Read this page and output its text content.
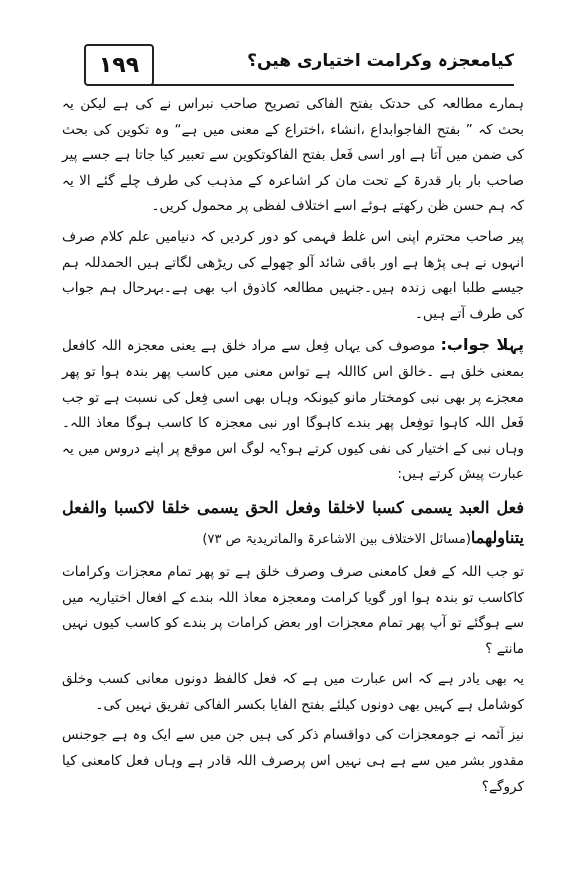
۱۹۹	کیامعجزہ وکرامت اختیاری ھیں؟

ہمارے مطالعہ کی حدتک بفتح الفاکی تصریح صاحب نبراس نے کی ہے لیکن یہ بحث کہ ” بفتح الفاجوابداع ،انشاء ،اختراع کے معنی میں ہے“ وہ تکوین کی بحث کی ضمن میں آتا ہے اور اسی فَعل بفتح الفاکوتکوین سے تعبیر کیا جاتا ہے جسے پیر صاحب بار بار قدرۃ کے تحت مان کر اشاعرہ کے مذہب کی طرف چلے گئے الا یہ کہ ہم حسن ظن رکھتے ہوئے اسے اختلاف لفظی پر محمول کریں۔

پیر صاحب محترم اپنی اس غلط فہمی کو دور کردیں کہ دنیامیں علم کلام صرف انہوں نے ہی پڑھا ہے اور باقی شائد آلو چھولے کی ریڑھی لگاتے ہیں الحمدللہ ہم جیسے طلبا ابھی زندہ ہیں۔جنہیں مطالعہ کاذوق اب بھی ہے۔بہرحال ہم جواب کی طرف آتے ہیں۔

پہلا جواب: موصوف کی یہاں فِعل سے مراد خلق ہے یعنی معجزہ اللہ کافعل بمعنی خلق ہے ۔خالق اس کااللہ ہے تواس معنی میں کاسب پھر بندہ ہوا تو پھر معجزے پر بھی نبی کومختار مانو کیونکہ وہاں بھی اسی فِعل کی نسبت ہے تو جب فَعل اللہ کاہوا توفِعل پھر بندے کاہوگا اور نبی معجزہ کا کاسب ہوگا معاذ اللہ۔وہاں نبی کے اختیار کی نفی کیوں کرتے ہو؟یہ لوگ اس موقع پر اپنے دروس میں یہ عبارت پیش کرتے ہیں:

فعل العبد یسمی کسبا لاخلقا وفعل الحق یسمی خلقا لاکسبا والفعل یتناولهما(مسائل الاختلاف بین الاشاعرۃ والماتریدیۃ ص ۷۳)

تو جب اللہ کے فعل کامعنی صرف وصرف خلق ہے تو پھر تمام معجزات وکرامات کاکاسب تو بندہ ہوا اور گویا کرامت ومعجزہ معاذ اللہ بندے کے افعال اختیاریہ میں سے ہوگئے تو آپ پھر تمام معجزات اور بعض کرامات پر بندے کو کاسب کیوں نہیں مانتے ؟

یہ بھی یادر ہے کہ اس عبارت میں ہے کہ فعل کالفظ دونوں معانی کسب وخلق کوشامل ہے کہیں بھی دونوں کیلئے بفتح الفایا بکسر الفاکی تفریق نہیں کی۔

نیز آئمہ نے جومعجزات کی دواقسام ذکر کی ہیں جن میں سے ایک وہ ہے جوجنس مقدور بشر میں سے ہے ہی نہیں اس پرصرف اللہ قادر ہے وہاں فعل کامعنی کیا کروگے؟
